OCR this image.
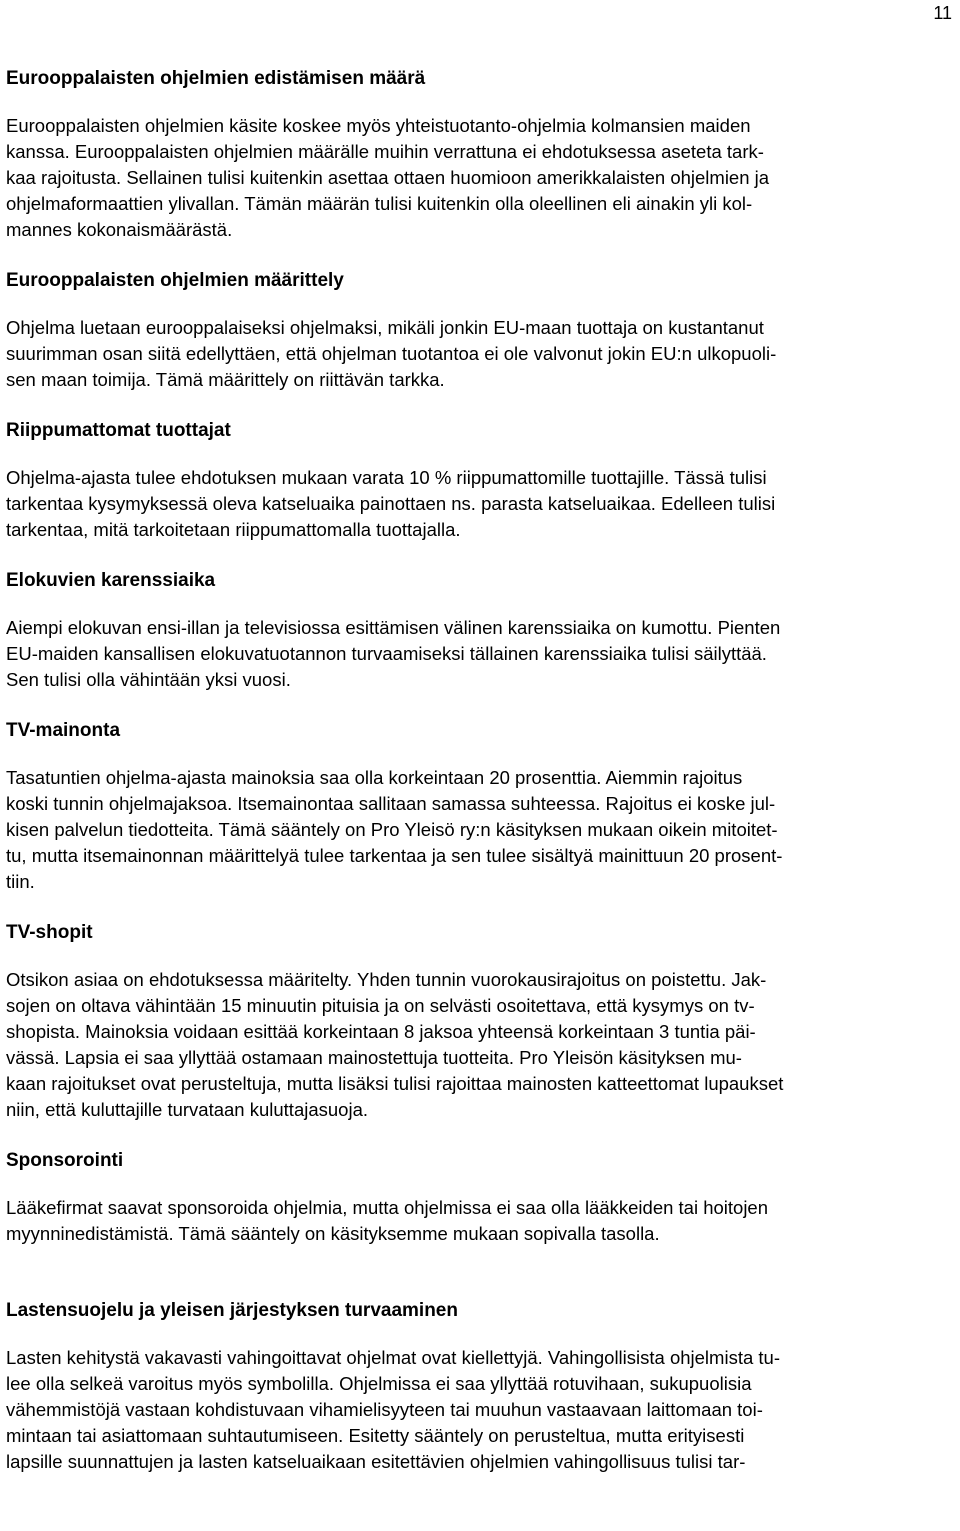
11
Eurooppalaisten ohjelmien edistämisen määrä
Eurooppalaisten ohjelmien käsite koskee myös yhteistuotanto-ohjelmia kolmansien maiden
kanssa. Eurooppalaisten ohjelmien määrälle muihin verrattuna ei ehdotuksessa aseteta tark-
kaa rajoitusta. Sellainen tulisi kuitenkin asettaa ottaen huomioon amerikkalaisten ohjelmien ja
ohjelmaformaattien ylivallan. Tämän määrän tulisi kuitenkin olla oleellinen eli ainakin yli kol-
mannes kokonaismäärästä.
Eurooppalaisten ohjelmien määrittely
Ohjelma luetaan eurooppalaiseksi ohjelmaksi, mikäli jonkin EU-maan tuottaja on kustantanut
suurimman osan siitä edellyttäen, että ohjelman tuotantoa ei ole valvonut jokin EU:n ulkopuoli-
sen maan toimija. Tämä määrittely on riittävän tarkka.
Riippumattomat tuottajat
Ohjelma-ajasta tulee ehdotuksen mukaan varata 10 % riippumattomille tuottajille. Tässä tulisi
tarkentaa kysymyksessä oleva katseluaika painottaen ns. parasta katseluaikaa. Edelleen tulisi
tarkentaa, mitä tarkoitetaan riippumattomalla tuottajalla.
Elokuvien karenssiaika
Aiempi elokuvan ensi-illan ja televisiossa esittämisen välinen karenssiaika on kumottu. Pienten
EU-maiden kansallisen elokuvatuotannon turvaamiseksi tällainen karenssiaika tulisi säilyttää.
Sen tulisi olla vähintään yksi vuosi.
TV-mainonta
Tasatuntien ohjelma-ajasta mainoksia saa olla korkeintaan 20 prosenttia. Aiemmin rajoitus
koski tunnin ohjelmajaksoa. Itsemainontaa sallitaan samassa suhteessa. Rajoitus ei koske jul-
kisen palvelun tiedotteita. Tämä sääntely on Pro Yleisö ry:n käsityksen mukaan oikein mitoitet-
tu, mutta itsemainonnan määrittelyä tulee tarkentaa ja sen tulee sisältyä mainittuun 20 prosent-
tiin.
TV-shopit
Otsikon asiaa on ehdotuksessa määritelty. Yhden tunnin vuorokausirajoitus on poistettu. Jak-
sojen on oltava vähintään 15 minuutin pituisia ja on selvästi osoitettava, että kysymys on tv-
shopista. Mainoksia voidaan esittää korkeintaan 8 jaksoa yhteensä korkeintaan 3 tuntia päi-
vässä. Lapsia ei saa yllyttää ostamaan mainostettuja tuotteita. Pro Yleisön käsityksen mu-
kaan rajoitukset ovat perusteltuja, mutta lisäksi tulisi rajoittaa mainosten katteettomat lupaukset
niin, että kuluttajille turvataan kuluttajasuoja.
Sponsorointi
Lääkefirmat saavat sponsoroida ohjelmia, mutta ohjelmissa ei saa olla lääkkeiden tai hoitojen
myynninedistämistä. Tämä sääntely on käsityksemme mukaan sopivalla tasolla.
Lastensuojelu ja yleisen järjestyksen turvaaminen
Lasten kehitystä vakavasti vahingoittavat ohjelmat ovat kiellettyjä. Vahingollisista ohjelmista tu-
lee olla selkeä varoitus myös symbolilla. Ohjelmissa ei saa yllyttää rotuvihaan, sukupuolisia
vähemmistöjä vastaan kohdistuvaan vihamielisyyteen tai muuhun vastaavaan laittomaan toi-
mintaan tai asiattomaan suhtautumiseen. Esitetty sääntely on perusteltua, mutta erityisesti
lapsille suunnattujen ja lasten katseluaikaan esitettävien ohjelmien vahingollisuus tulisi tar-
